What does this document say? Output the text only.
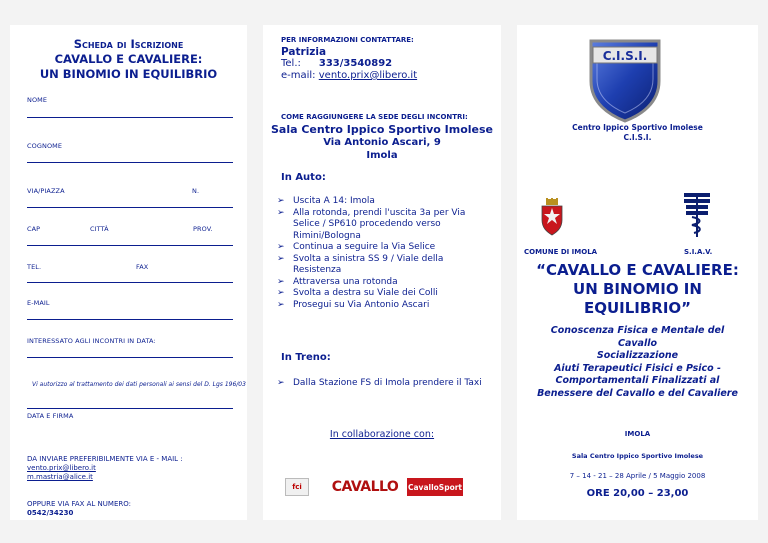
Scheda di Iscrizione
CAVALLO E CAVALIERE:
UN BINOMIO IN EQUILIBRIO
NOME
COGNOME
VIA/PIAZZA	N.
CAP	CITTÀ	PROV.
TEL.	FAX
E-MAIL
INTERESSATO AGLI INCONTRI IN DATA:
Vi autorizzo al trattamento dei dati personali ai sensi del D. Lgs 196/03
DATA E FIRMA
DA INVIARE PREFERIBILMENTE VIA E - MAIL :
vento.prix@libero.it
m.mastria@alice.it
OPPURE VIA FAX AL NUMERO:
0542/34230
PER INFORMAZIONI CONTATTARE:
Patrizia
Tel.: 333/3540892
e-mail: vento.prix@libero.it
COME RAGGIUNGERE LA SEDE DEGLI INCONTRI:
Sala Centro Ippico Sportivo Imolese
Via Antonio Ascari, 9
Imola
In Auto:
➢ Uscita A 14: Imola
➢ Alla rotonda, prendi l'uscita 3a per Via Selice / SP610 procedendo verso Rimini/Bologna
➢ Continua a seguire la Via Selice
➢ Svolta a sinistra SS 9 / Viale della Resistenza
➢ Attraversa una rotonda
➢ Svolta a destra su Viale dei Colli
➢ Prosegui su Via Antonio Ascari
In Treno:
➢ Dalla Stazione FS di Imola prendere il Taxi
In collaborazione con:
fci CAVALLO CavalloSport
C.I.S.I.
Centro Ippico Sportivo Imolese
C.I.S.I.
COMUNE DI IMOLA	S.I.A.V.
“CAVALLO E CAVALIERE:
UN BINOMIO IN
EQUILIBRIO”
Conoscenza Fisica e Mentale del
Cavallo
Socializzazione
Aiuti Terapeutici Fisici e Psico -
Comportamentali Finalizzati al
Benessere del Cavallo e del Cavaliere
IMOLA
Sala Centro Ippico Sportivo Imolese
7 – 14 - 21 – 28 Aprile / 5 Maggio 2008
ORE 20,00 – 23,00
